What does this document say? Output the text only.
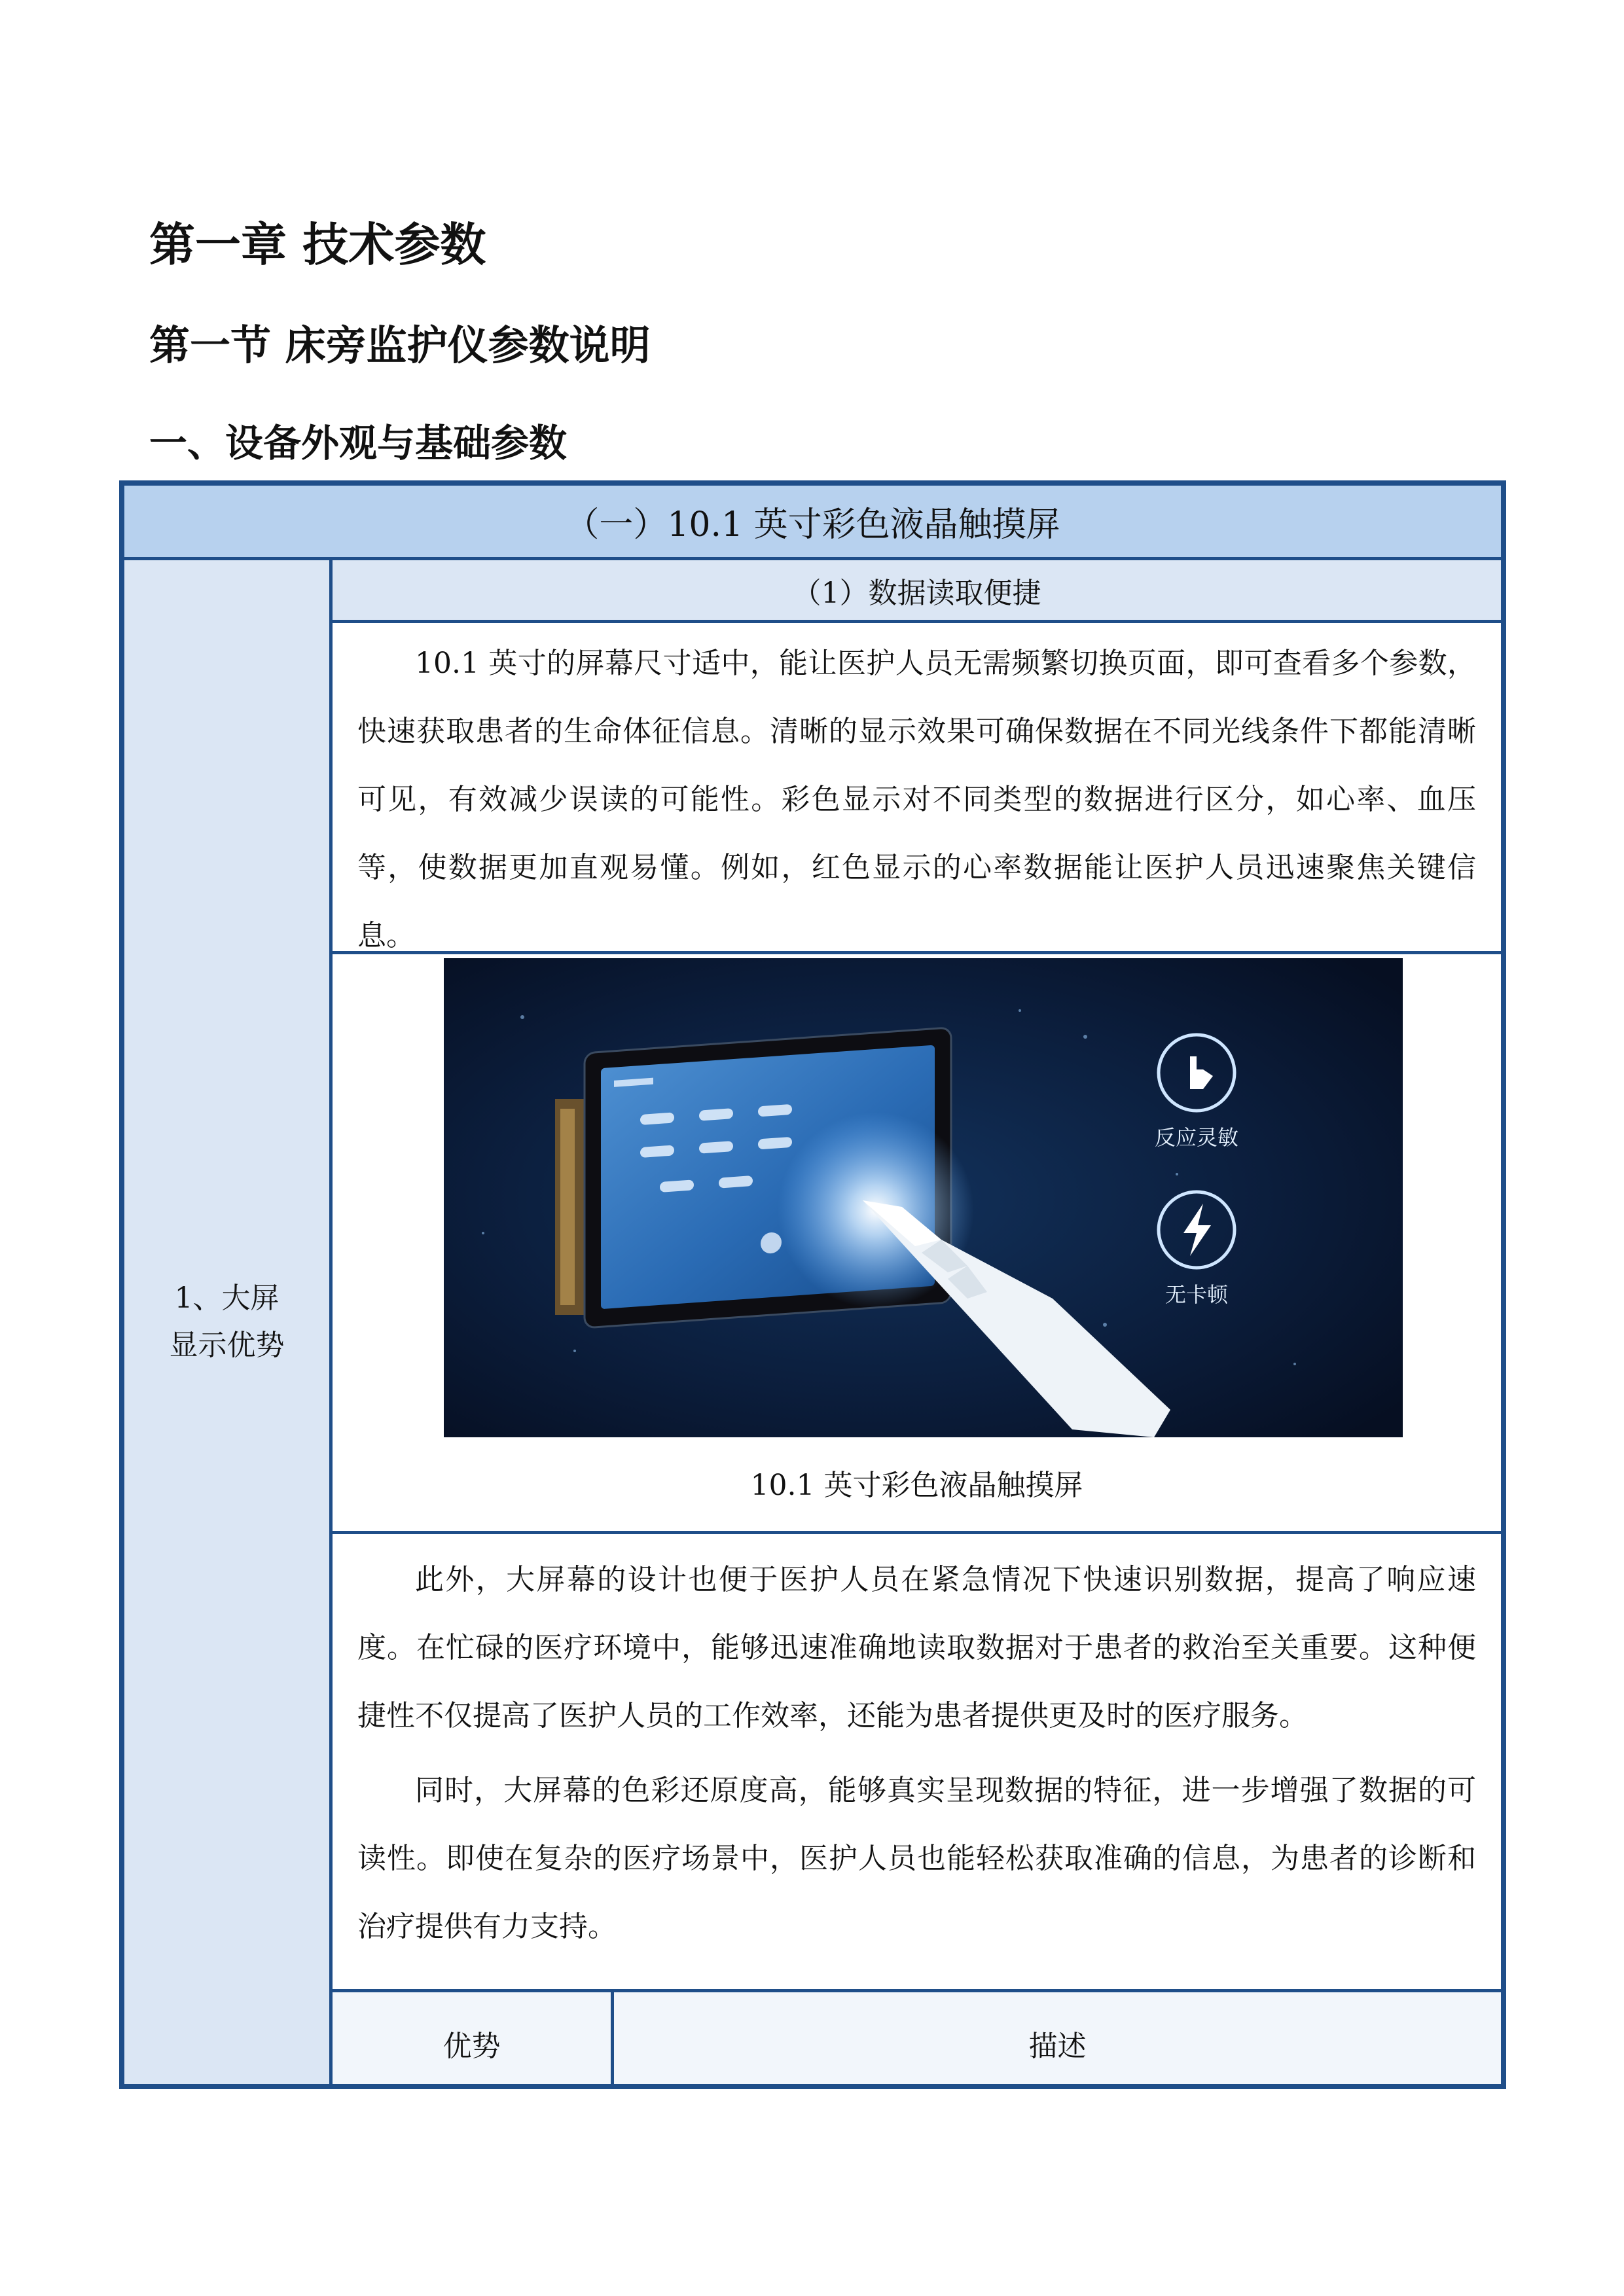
第一章 技术参数
第一节 床旁监护仪参数说明
一、设备外观与基础参数
（一）10.1 英寸彩色液晶触摸屏
1、大屏显示优势
（1）数据读取便捷

10.1 英寸的屏幕尺寸适中，能让医护人员无需频繁切换页面，即可查看多个参数，快速获取患者的生命体征信息。清晰的显示效果可确保数据在不同光线条件下都能清晰可见，有效减少误读的可能性。彩色显示对不同类型的数据进行区分，如心率、血压等，使数据更加直观易懂。例如，红色显示的心率数据能让医护人员迅速聚焦关键信息。

反应灵敏
无卡顿
10.1 英寸彩色液晶触摸屏

此外，大屏幕的设计也便于医护人员在紧急情况下快速识别数据，提高了响应速度。在忙碌的医疗环境中，能够迅速准确地读取数据对于患者的救治至关重要。这种便捷性不仅提高了医护人员的工作效率，还能为患者提供更及时的医疗服务。

同时，大屏幕的色彩还原度高，能够真实呈现数据的特征，进一步增强了数据的可读性。即使在复杂的医疗场景中，医护人员也能轻松获取准确的信息，为患者的诊断和治疗提供有力支持。

优势	描述
